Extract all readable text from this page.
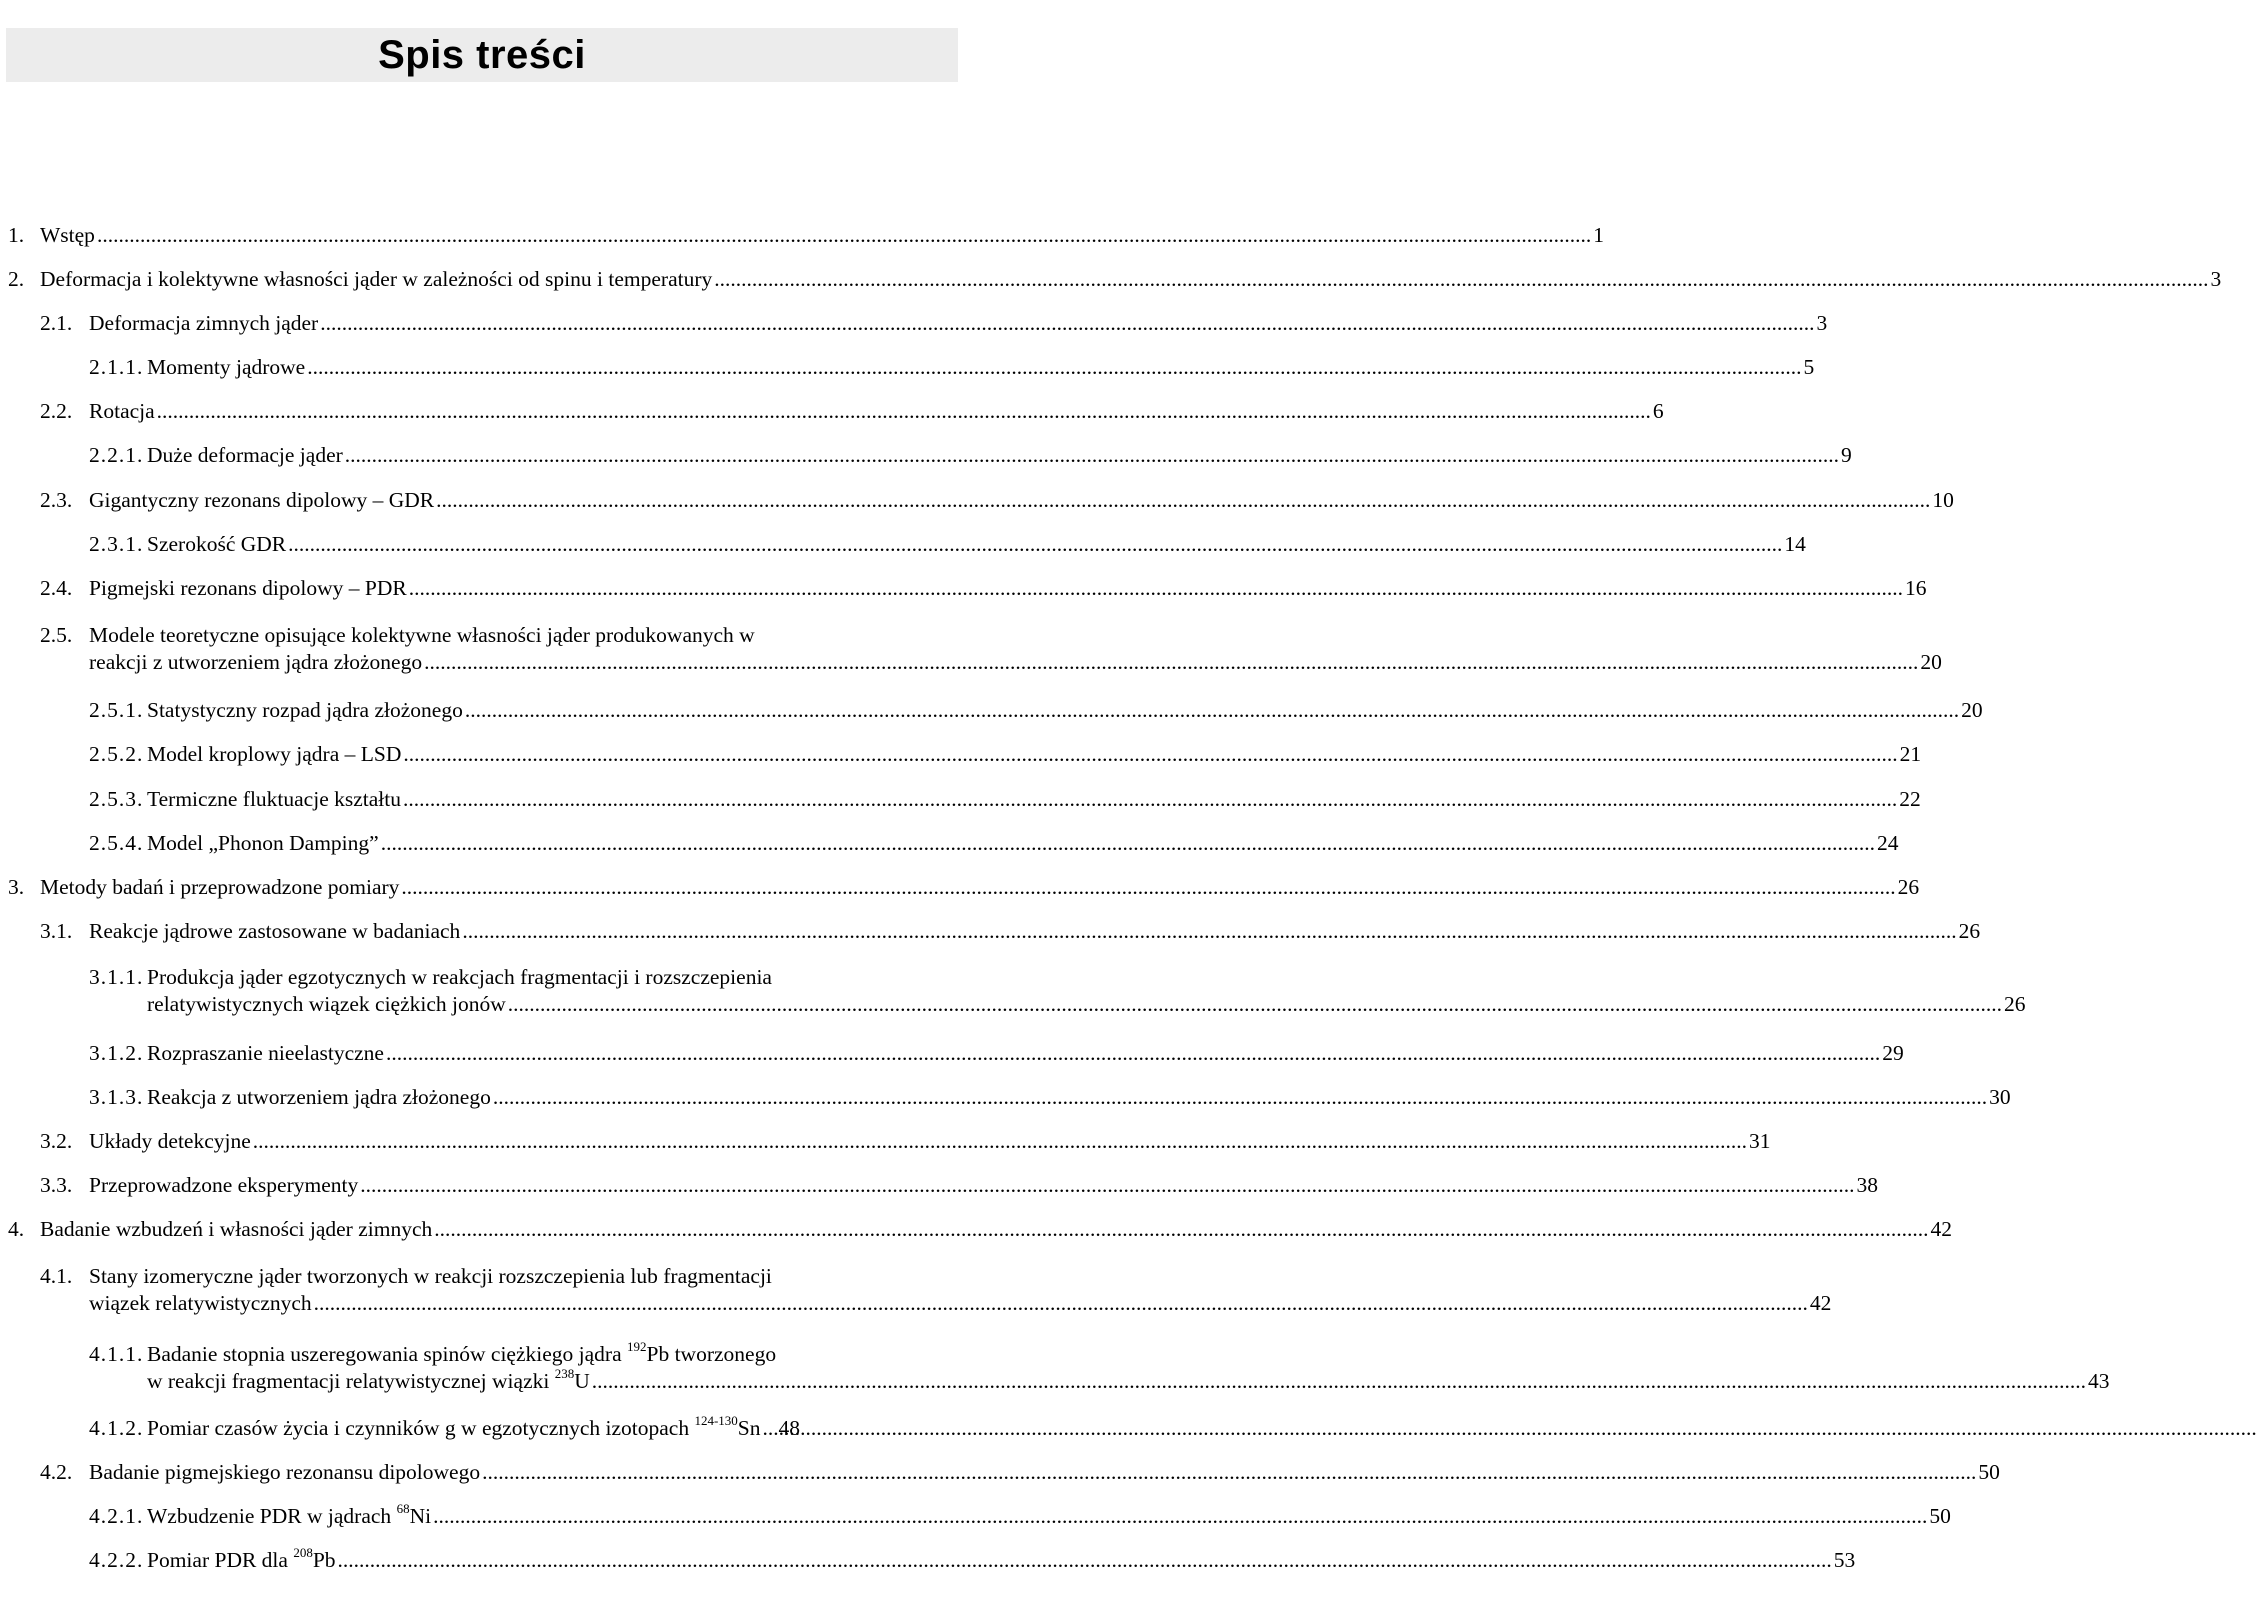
Spis treści
1. Wstęp .....	1
2. Deformacja i kolektywne własności jąder w zależności od spinu i temperatury .....	3
2.1. Deformacja zimnych jąder .....	3
2.1.1. Momenty jądrowe .....	5
2.2. Rotacja .....	6
2.2.1. Duże deformacje jąder .....	9
2.3. Gigantyczny rezonans dipolowy – GDR .....	10
2.3.1. Szerokość GDR .....	14
2.4. Pigmejski rezonans dipolowy – PDR .....	16
2.5. Modele teoretyczne opisujące kolektywne własności jąder produkowanych w
reakcji z utworzeniem jądra złożonego .....	20
2.5.1. Statystyczny rozpad jądra złożonego .....	20
2.5.2. Model kroplowy jądra – LSD .....	21
2.5.3. Termiczne fluktuacje kształtu .....	22
2.5.4. Model „Phonon Damping” .....	24
3. Metody badań i przeprowadzone pomiary .....	26
3.1. Reakcje jądrowe zastosowane w badaniach .....	26
3.1.1. Produkcja jąder egzotycznych w reakcjach fragmentacji i rozszczepienia
relatywistycznych wiązek ciężkich jonów .....	26
3.1.2. Rozpraszanie nieelastyczne .....	29
3.1.3. Reakcja z utworzeniem jądra złożonego .....	30
3.2. Układy detekcyjne .....	31
3.3. Przeprowadzone eksperymenty .....	38
4. Badanie wzbudzeń i własności jąder zimnych .....	42
4.1. Stany izomeryczne jąder tworzonych w reakcji rozszczepienia lub fragmentacji
wiązek relatywistycznych .....	42
4.1.1. Badanie stopnia uszeregowania spinów ciężkiego jądra $^{192}$Pb tworzonego
w reakcji fragmentacji relatywistycznej wiązki $^{238}$U .....	43
4.1.2. Pomiar czasów życia i czynników g w egzotycznych izotopach $^{124-130}$Sn ..... 48
4.2. Badanie pigmejskiego rezonansu dipolowego .....	50
4.2.1. Wzbudzenie PDR w jądrach $^{68}$Ni .....	50
4.2.2. Pomiar PDR dla $^{208}$Pb .....	53
